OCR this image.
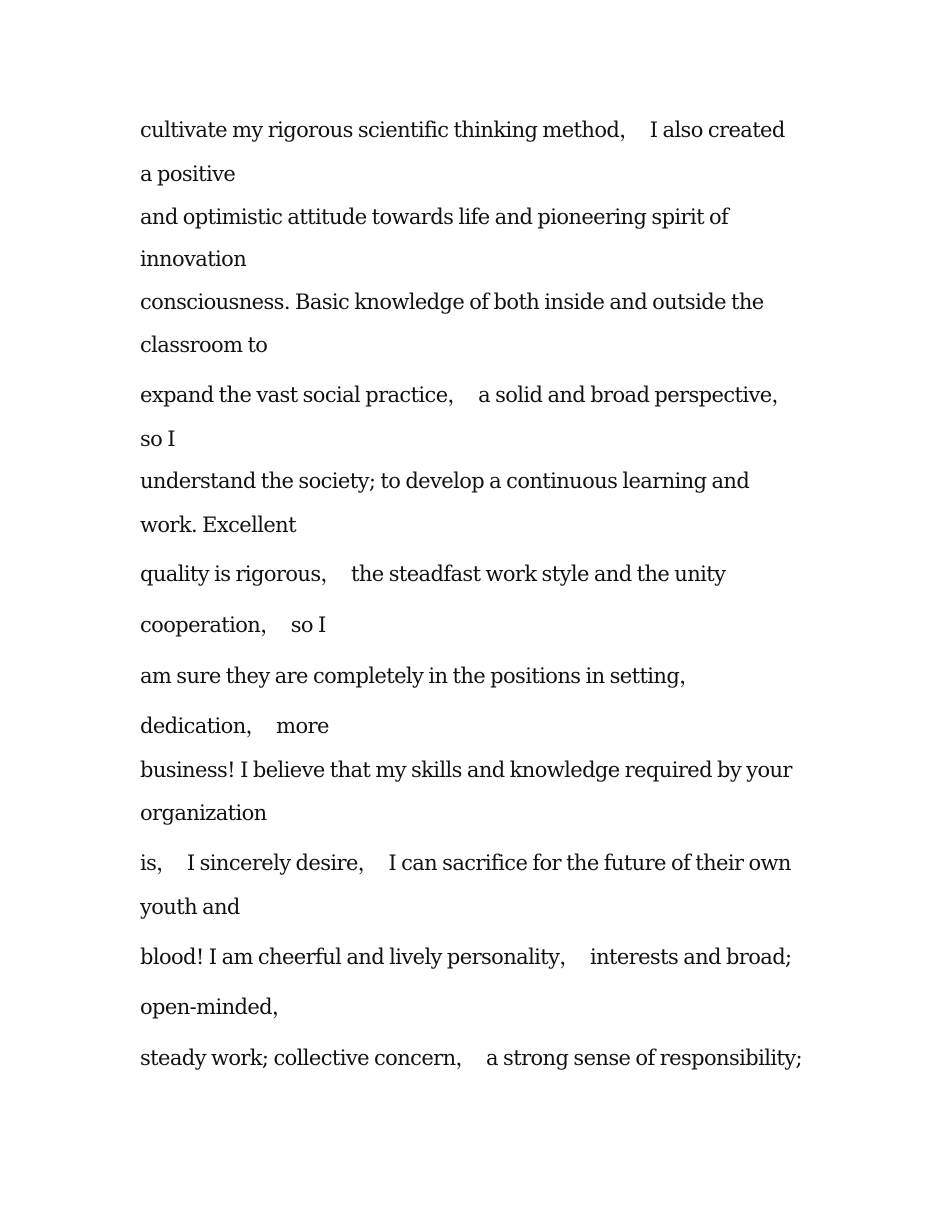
cultivate my rigorous scientific thinking method，  I also created
a positive
and optimistic attitude towards life and pioneering spirit of
innovation
consciousness. Basic knowledge of both inside and outside the
classroom to
expand the vast social practice，  a solid and broad perspective，
so I
understand the society; to develop a continuous learning and
work. Excellent
quality is rigorous，  the steadfast work style and the unity
cooperation，  so I
am sure they are completely in the positions in setting，
dedication，  more
business! I believe that my skills and knowledge required by your
organization
is，  I sincerely desire，  I can sacrifice for the future of their own
youth and
blood! I am cheerful and lively personality，  interests and broad;
open-minded，
steady work; collective concern，  a strong sense of responsibility;
